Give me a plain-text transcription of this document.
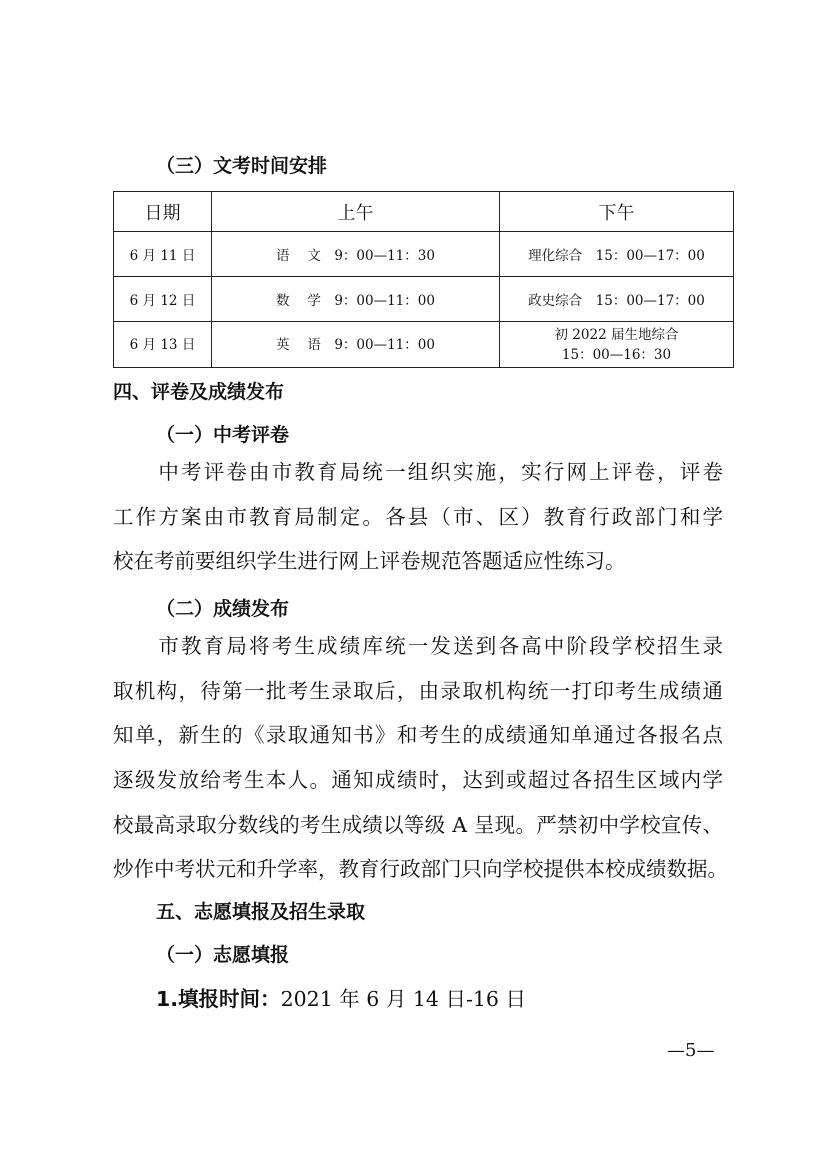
（三）文考时间安排
日期	上午	下午
6 月 11 日	语　 文　9：00—11：30	理化综合　15：00—17：00
6 月 12 日	数　 学　9：00—11：00	政史综合　15：00—17：00
6 月 13 日	英　 语　9：00—11：00	初 2022 届生地综合
15：00—16：30
四、评卷及成绩发布
（一）中考评卷
　　中考评卷由市教育局统一组织实施，实行网上评卷，评卷
工作方案由市教育局制定。各县（市、区）教育行政部门和学
校在考前要组织学生进行网上评卷规范答题适应性练习。
（二）成绩发布
　　市教育局将考生成绩库统一发送到各高中阶段学校招生录
取机构，待第一批考生录取后，由录取机构统一打印考生成绩通
知单，新生的《录取通知书》和考生的成绩通知单通过各报名点
逐级发放给考生本人。通知成绩时，达到或超过各招生区域内学
校最高录取分数线的考生成绩以等级 A 呈现。严禁初中学校宣传、
炒作中考状元和升学率，教育行政部门只向学校提供本校成绩数据。
五、志愿填报及招生录取
（一）志愿填报
1.填报时间：2021 年 6 月 14 日-16 日
—5—
